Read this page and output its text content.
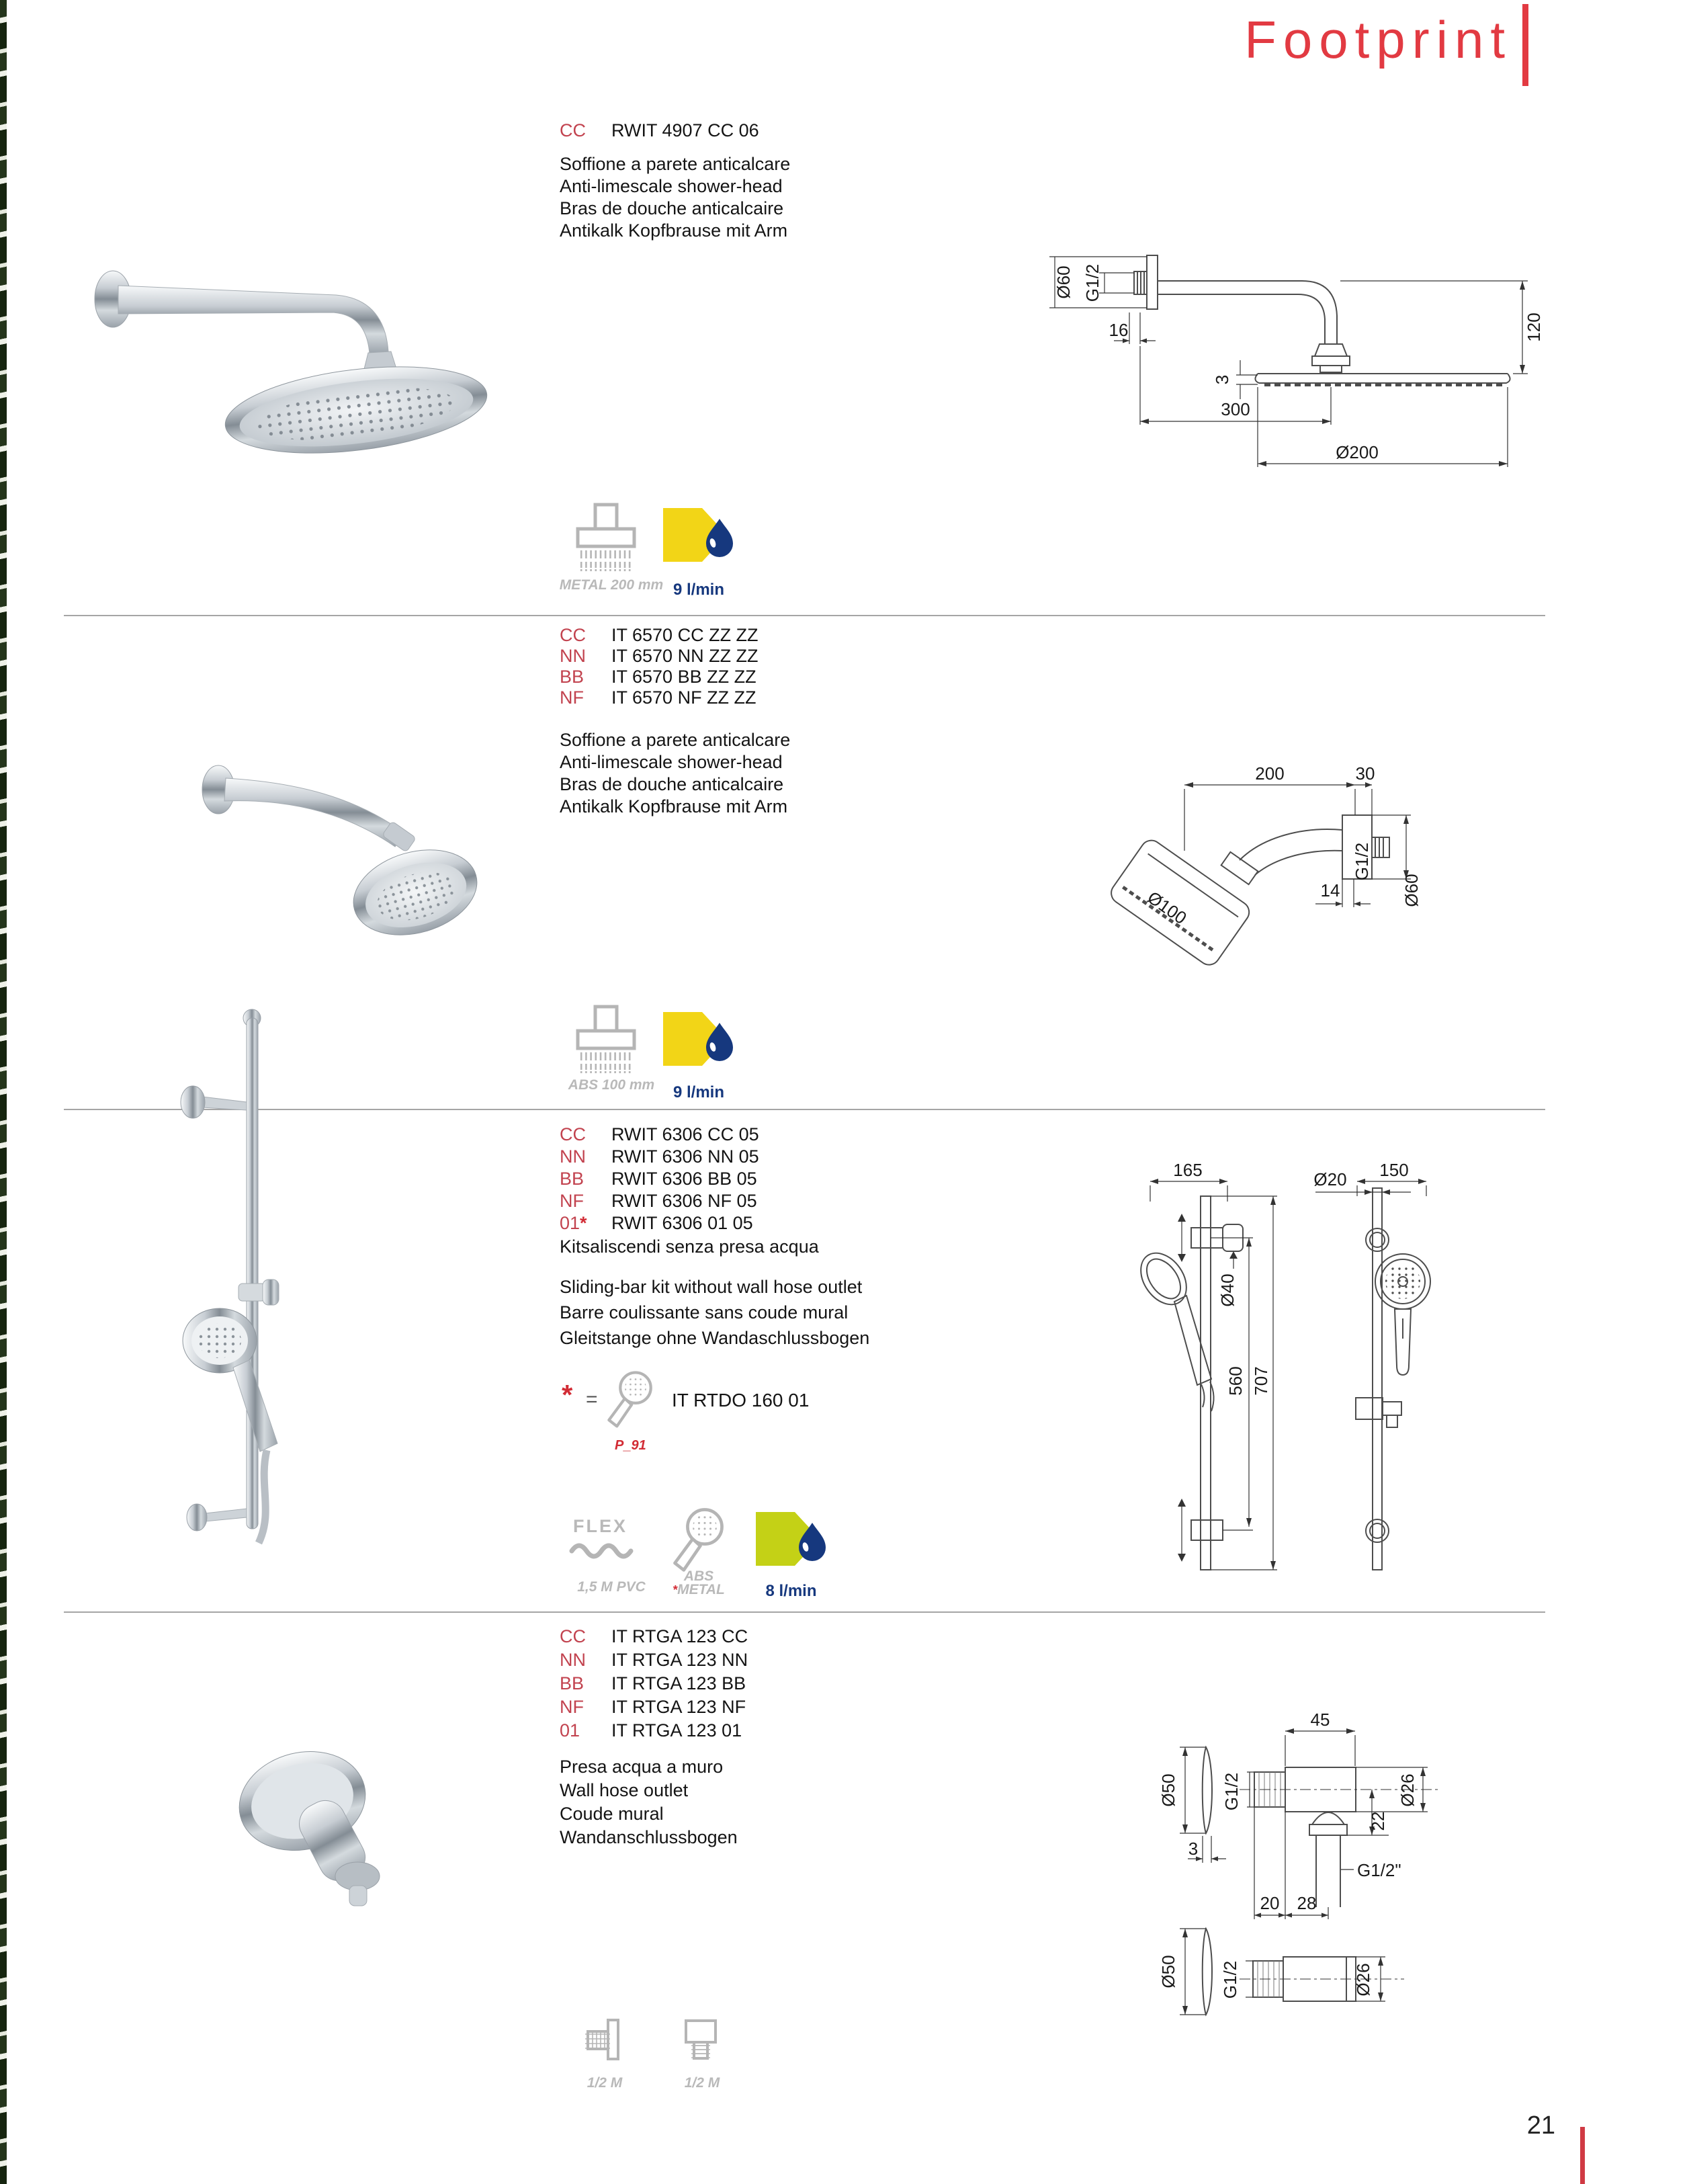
Footprint
CC	RWIT 4907 CC 06
Soffione a parete anticalcare
Anti-limescale shower-head
Bras de douche anticalcaire
Antikalk Kopfbrause mit Arm
Ø60 G1/2
16
3
300
Ø200
120
METAL 200 mm 9 l/min
CC	IT 6570 CC ZZ ZZ
NN	IT 6570 NN ZZ ZZ
BB	IT 6570 BB ZZ ZZ
NF	IT 6570 NF ZZ ZZ
Soffione a parete anticalcare
Anti-limescale shower-head
Bras de douche anticalcaire
Antikalk Kopfbrause mit Arm
200	30
G1/2
14	Ø60
Ø100
ABS 100 mm	9 l/min
CC	RWIT 6306 CC 05
NN	RWIT 6306 NN 05
BB	RWIT 6306 BB 05
NF	RWIT 6306 NF 05
01*	RWIT 6306 01 05
Kitsaliscendi senza presa acqua
Sliding-bar kit without wall hose outlet
Barre coulissante sans coude mural
Gleitstange ohne Wandaschlussbogen
* =	IT RTDO 160 01
P_91
165
Ø40
560 707
Ø20 150
FLEX
1,5 M PVC
ABS
*METAL	8 l/min
CC	IT RTGA 123 CC
NN	IT RTGA 123 NN
BB	IT RTGA 123 BB
NF	IT RTGA 123 NF
01	IT RTGA 123 01
Presa acqua a muro
Wall hose outlet
Coude mural
Wandanschlussbogen
45
Ø50
3
G1/2	Ø26
22
G1/2"
20 28
Ø50 G1/2	Ø26
1/2 M	1/2 M
21
